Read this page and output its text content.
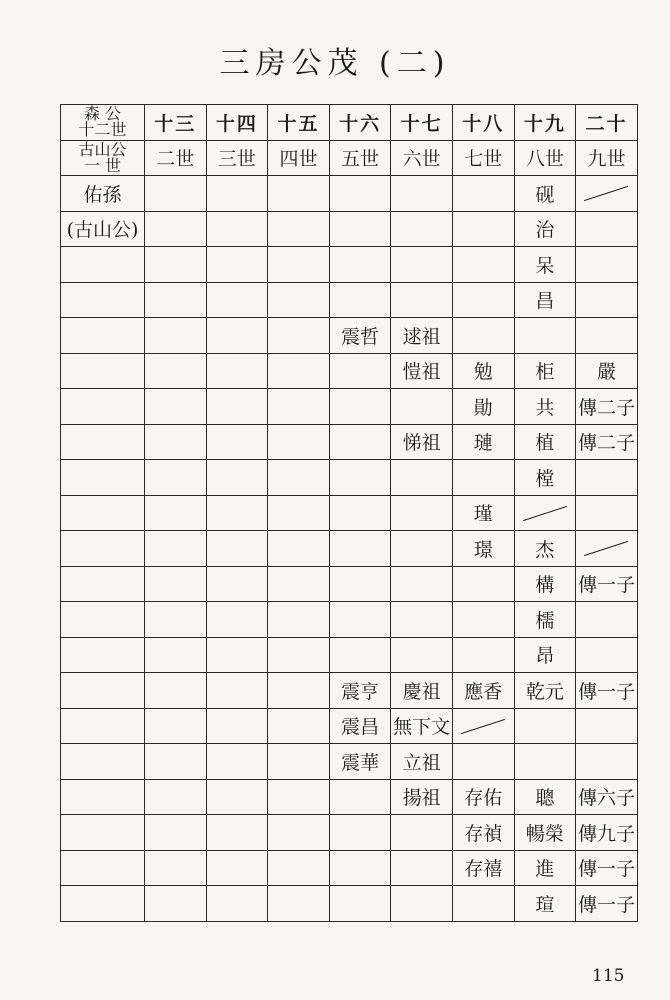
三房公茂 (二)
森 公
十二世	十三	十四	十五	十六	十七	十八	十九	二十

古山公
一 世	二世	三世	四世	五世	六世	七世	八世	九世
佑孫							砚	
(古山公)							治	
							呆	
							昌	
				震哲	逑祖			
					愷祖	勉	柜	嚴
						勛	共	傳二子
					悌祖	璉	植	傳二子
							樘	
						瑾		
						璟	杰	
							構	傳一子
							檽	
							昂	
				震亨	慶祖	應香	乾元	傳一子
				震昌	無下文			
				震華	立祖			
					揚祖	存佑	聰	傳六子
						存禎	暢榮	傳九子
						存禧	進	傳一子
							瑄	傳一子
115
